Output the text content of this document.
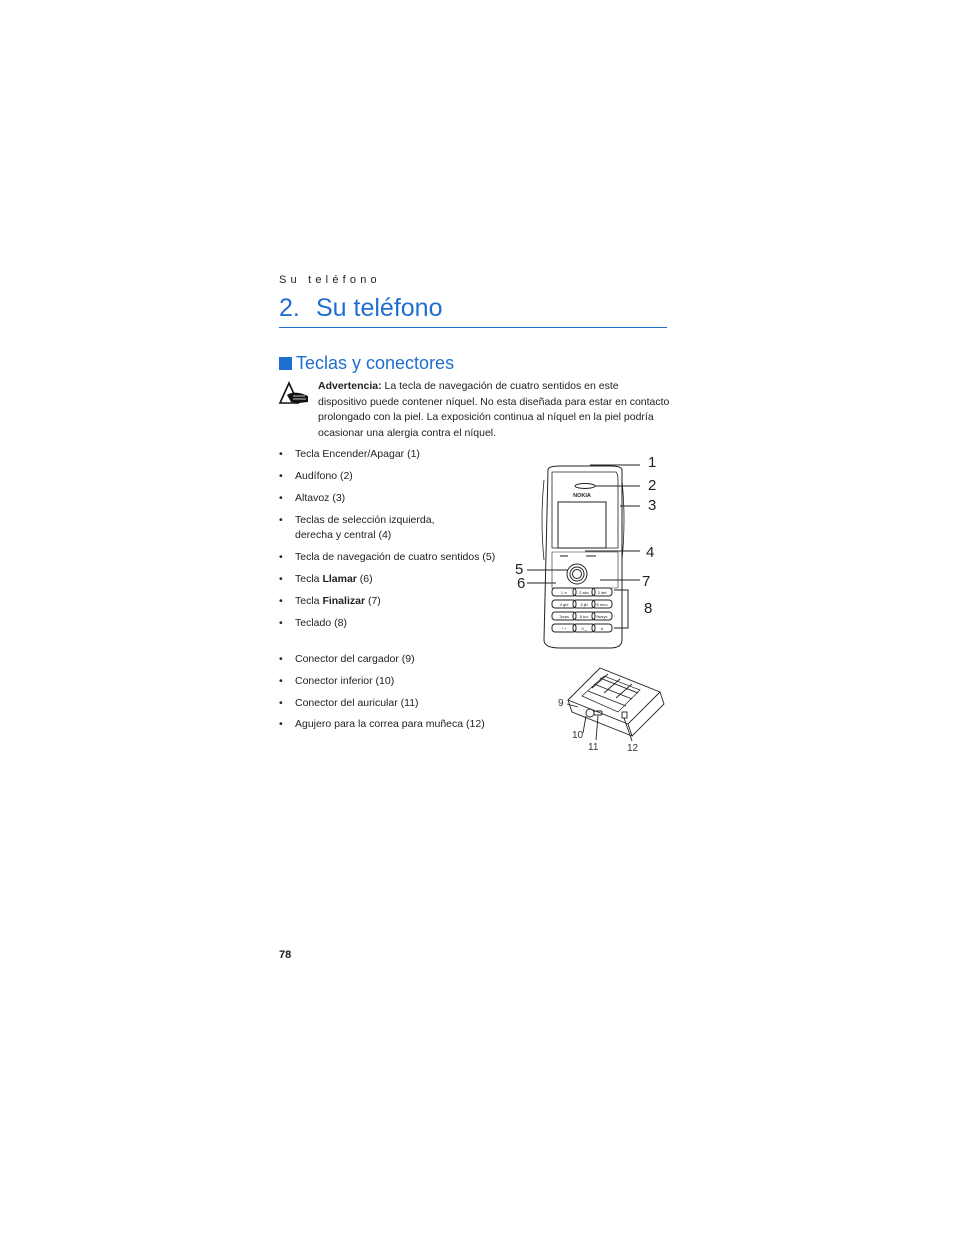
Su teléfono
2. Su teléfono
Teclas y conectores
Advertencia: La tecla de navegación de cuatro sentidos en este dispositivo puede contener níquel. No esta diseñada para estar en contacto prolongado con la piel. La exposición continua al níquel en la piel podría ocasionar una alergia contra el níquel.
• Tecla Encender/Apagar (1)
• Audífono (2)
• Altavoz (3)
• Teclas de selección izquierda, derecha y central (4)
• Tecla de navegación de cuatro sentidos (5)
• Tecla Llamar (6)
• Tecla Finalizar (7)
• Teclado (8)
• Conector del cargador (9)
• Conector inferior (10)
• Conector del auricular (11)
• Agujero para la correa para muñeca (12)
NOKIA
1 ∞	2 abc 3 def
4 ghi	5 jkl 6 mno
7pqrs	8 tuv 9wxyz
* +	0 ⎵	#
1
2
3
4
5
6	7
8
9
10
11	12
78
